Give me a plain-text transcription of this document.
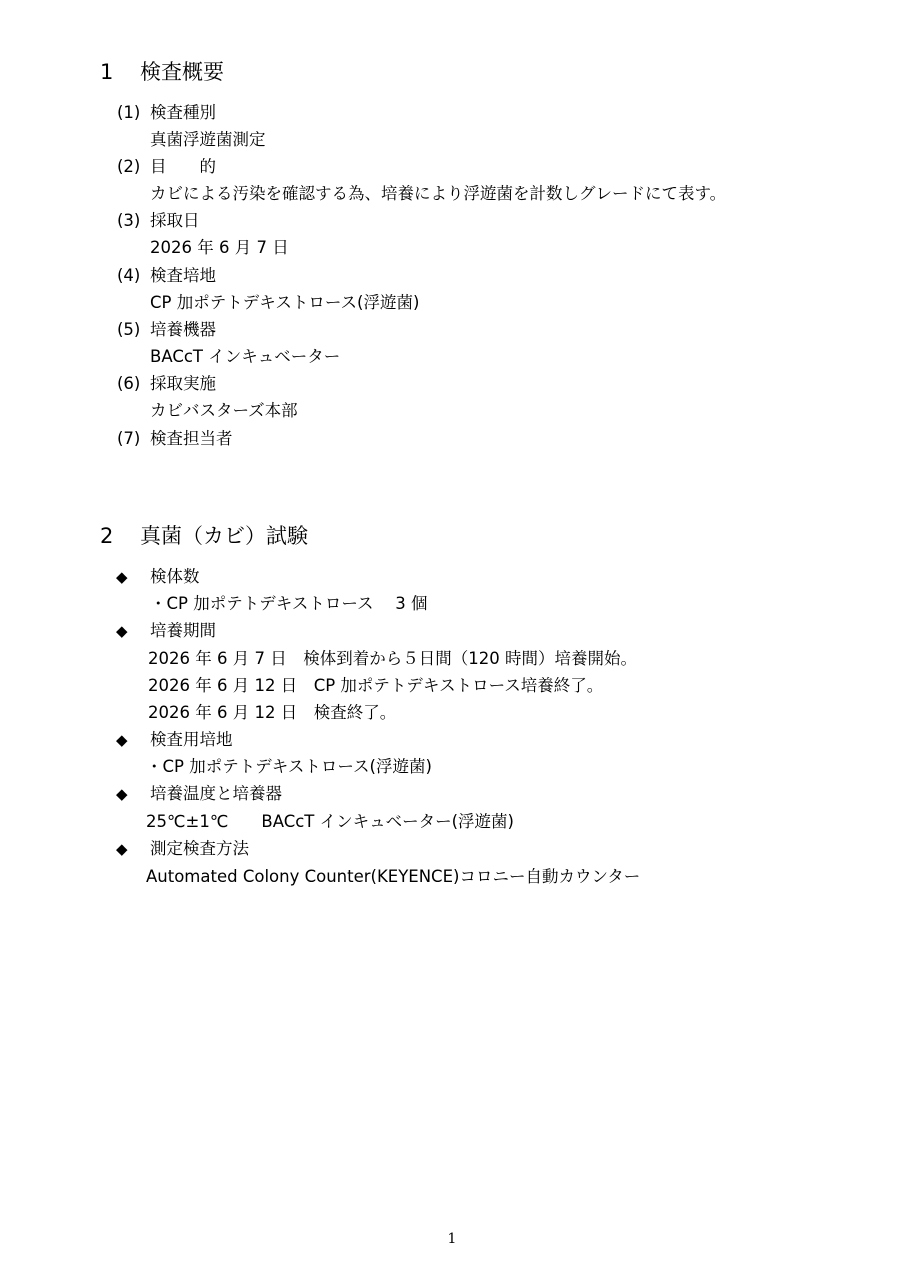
1 検査概要
(1) 検査種別
真菌浮遊菌測定
(2) 目　　的
カビによる汚染を確認する為、培養により浮遊菌を計数しグレードにて表す。
(3) 採取日
2026 年 6 月 7 日
(4) 検査培地
CP 加ポテトデキストロース(浮遊菌)
(5) 培養機器
BACcT インキュベーター
(6) 採取実施
カビバスターズ本部
(7) 検査担当者
2 真菌（カビ）試験
◆ 検体数
・CP 加ポテトデキストロース　 3 個
◆ 培養期間
2026 年 6 月 7 日　検体到着から５日間（120 時間）培養開始。
2026 年 6 月 12 日　CP 加ポテトデキストロース培養終了。
2026 年 6 月 12 日　検査終了。
◆ 検査用培地
・CP 加ポテトデキストロース(浮遊菌)
◆ 培養温度と培養器
25℃±1℃　　BACcT インキュベーター(浮遊菌)
◆ 測定検査方法
Automated Colony Counter(KEYENCE)コロニー自動カウンター
1
